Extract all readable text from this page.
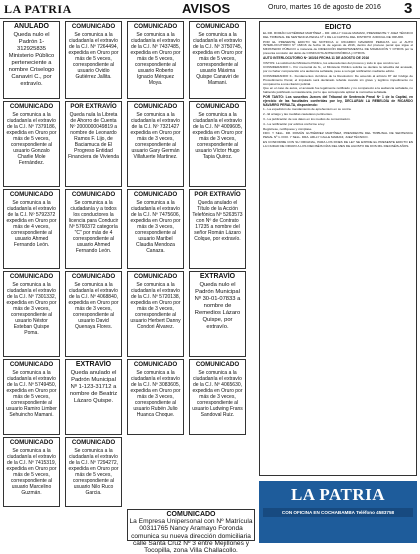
LA PATRIA	AVISOS	Oruro, martes 16 de agosto de 2016 3
ANULADO
Queda nulo el Padrón 1-312925835 Ministerio Público perteneciente a nombre Criselogo Canaviri C., por extravío.
COMUNICADO
Se comunica a la ciudadanía el extravío de la C.I. Nº 7379186, expedida en Oruro por más de 5 veces, correspondiente al usuario Gonzalo Charlie Mole Fernández.
COMUNICADO
Se comunica a la ciudadanía el extravío de la C.I. Nº 5792372 expedida en Oruro por más de 4 veces, correspondiente al usuario Ahmed Fernando León.
COMUNICADO
Se comunica a la ciudadanía el extravío de la C.I. Nº 7301332, expedida en Oruro por más de 3 veces, correspondiente al usuario Néstor Esteban Quispe Poma.
COMUNICADO
Se comunica a la ciudadanía el extravío de la C.I. Nº 5749450, expedida en Oruro por más de 5 veces, correspondiente al usuario Ramiro Limber Sehuincho Mamani.
COMUNICADO
Se comunica a la ciudadanía el extravío de la C.I. Nº 7415319, expedida en Oruro por más de 5 veces, correspondiente al usuario Marcelino Guzmán.
COMUNICADO
Se comunica a la ciudadanía el extravío de la C.I. Nº 7264494, expedida en Oruro por más de 5 veces, correspondiente al usuario Ovidio Gutiérrez Jallita.
POR EXTRAVÍO
Queda nula la Libreta de Ahorro de Cuenta Nº 2000000049819 a nombre de Leonardo Ramos F. Lijo, de Baciamuca de El Progreso Entidad Financiera de Vivienda
COMUNICADO
Se comunica a la ciudadanía y a todos los conductores la licencia para Conducir Nº 5760372 categoría "C" por más de 4 correspondiente al usuario Ahmed Fernando León.
COMUNICADO
Se comunica a la ciudadanía el extravío de la C.I. Nº 4068840, expedida en Oruro por más de 3 veces, correspondiente al usuario David Quenaya Flores.
EXTRAVÍO
Queda anulado el Padrón Municipal Nº 1-123-31712 a nombre de Beatriz Lázaro Quispe.
COMUNICADO
Se comunica a la ciudadanía el extravío de la C.I. Nº 7294272, expedida en Oruro por más de 5 veces, correspondiente al usuario Nilo Ruco Garcia.
COMUNICADO
Se comunica a la ciudadanía el extravío de la C.I. Nº 7437485, expedida en Oruro por más de 5 veces, correspondiente al usuario Roberto Ignacio Mérquez Moya.
COMUNICADO
Se comunica a la ciudadanía el extravío de la C.I. Nº 7321427 expedida en Oruro por más de 3 veces, correspondiente al usuario Gary Germán Villafuerte Martinez.
COMUNICADO
Se comunica a la ciudadanía el extravío de la C.I. Nº 7475606, expedida en Oruro por más de 3 veces, correspondiente al usuario Maribel Claudia Mendoza Canaza.
COMUNICADO
Se comunica a la ciudadanía el extravío de la C.I. Nº 5720138, expedida en Oruro por más de 3 veces, correspondiente al usuario Herbert Danny Condori Álvarez.
COMUNICADO
Se comunica a la ciudadanía el extravío de la C.I. Nº 3083605, expedida en Oruro por más de 3 veces, correspondiente al usuario Rubén Julio Huanca Choque.
COMUNICADO
Se comunica a la ciudadanía el extravío de la C.I. Nº 3750745, expedida en Oruro por más de 5 veces, correspondiente al usuario Máxima Quispe Canaviri de Mamani.
COMUNICADO
Se comunica a la ciudadanía el extravío de la C.I. Nº 4009605, expedida en Oruro por más de 3 veces, correspondiente al usuario Víctor Hugo Tapia Quiroz.
POR EXTRAVÍO
Queda anulado el Título de la Acción Telefónica Nº 5263573 con Nº de Contrato 17235 a nombre del señor Román Lázaro Colque, por extravío.
EXTRAVÍO
Queda nulo el Padrón Municipal Nº 30-01-07833 a nombre de Remedios Lázaro Quispe, por extravío.
COMUNICADO
Se comunica a la ciudadanía el extravío de la C.I. Nº 4065630, expedida en Oruro por más de 3 veces, correspondiente al usuario Ludwing Frans Sandoval Ruiz.
COMUNICADO
La Empresa Unipersonal con Nº Matrícula 00311765 Nancy Aramayo Foronda comunica su nueva dirección domiciliaria calle Santa Cruz Nº 3 entre Mejillones y Tocopilla, zona Villa Challacollo.
EDICTO

EL DR. ROMÁN GUTIÉRREZ MARTÍNEZ – DR. ARLLY CALLE MAMANI, PRESIDENTE Y JUEZ TÉCNICO DEL TRIBUNAL DE SENTENCIA PENAL Nº 1 DE LA CAPITAL DEL DISTRITO JUDICIAL DE ORURO.

POR EL PRESENTE EDICTO SE NOTIFICA A: RICARDO NAVARRO PERALTA con el AUTO INTERLOCUTORIO Nº 163/16 de fecha 11 de agosto de 2016, dentro del proceso penal que sigue el MINISTERIO PÚBLICO a instancia de DIRECCIÓN DEPARTAMENTAL DE MIGRACIÓN Y OTROS por la presunta comisión del delito de CONDUCTA ANTIECONÓMICA y OTROS.

AUTO INTERLOCUTORIO Nº 163/16 FECHA 11 DE AGOSTO DE 2016

VISTOS: La solicitud del Ministerio Público, los antecedentes del proceso y todo lo que convino ver.

CONSIDERANDO I.- Por memorial de fs., el Ministerio Público solicita se declare la rebeldía del acusado, por no haber comparecido a la audiencia señalada, pese a su legal notificación mediante edicto.

CONSIDERANDO II.- Fundamentos Jurídicos de la Resolución: De acuerdo al artículo 87 del Código de Procedimiento Penal, el imputado será declarado rebelde cuando sin grave y legítimo impedimento no comparezca a una citación judicial.

Que en el caso de autos, el acusado fue legalmente notificado y no compareció a la audiencia señalada, no habiendo justificado su inasistencia, por lo que corresponde aplicar la normativa señalada.

POR TANTO: Los suscritos Jueces del Tribunal de Sentencia Penal Nº 1 de la Capital, en ejercicio de las facultades conferidas por ley, DECLARAN LA REBELDÍA de RICARDO NAVARRO PERALTA, disponiendo:

1.- La expedición de mandamiento de aprehensión en su contra.

2.- El arraigo y las medidas cautelares pertinentes.

3.- La publicación de sus datos en los medios de comunicación.

4.- La notificación por edictos conforme a ley.

Regístrese, notifíquese y cúmplase.

FDO. Y SELL. DR. ROMÁN GUTIÉRREZ MARTÍNEZ, PRESIDENTE DEL TRIBUNAL DE SENTENCIA PENAL Nº 1. FDO. Y SELL. DRA. ARLLY CALLE MAMANI, JUEZ TÉCNICO.

ES CONFORME CON SU ORIGINAL, PARA LOS FINES DE LEY SE EXPIDE EL PRESENTE EDICTO EN LA CIUDAD DE ORURO A LOS DIECISÉIS DÍAS DEL MES DE AGOSTO DE DOS MIL DIECISÉIS AÑOS.

LA PATRIA
CON OFICINA EN COCHABAMBA Teléfono 4583758
